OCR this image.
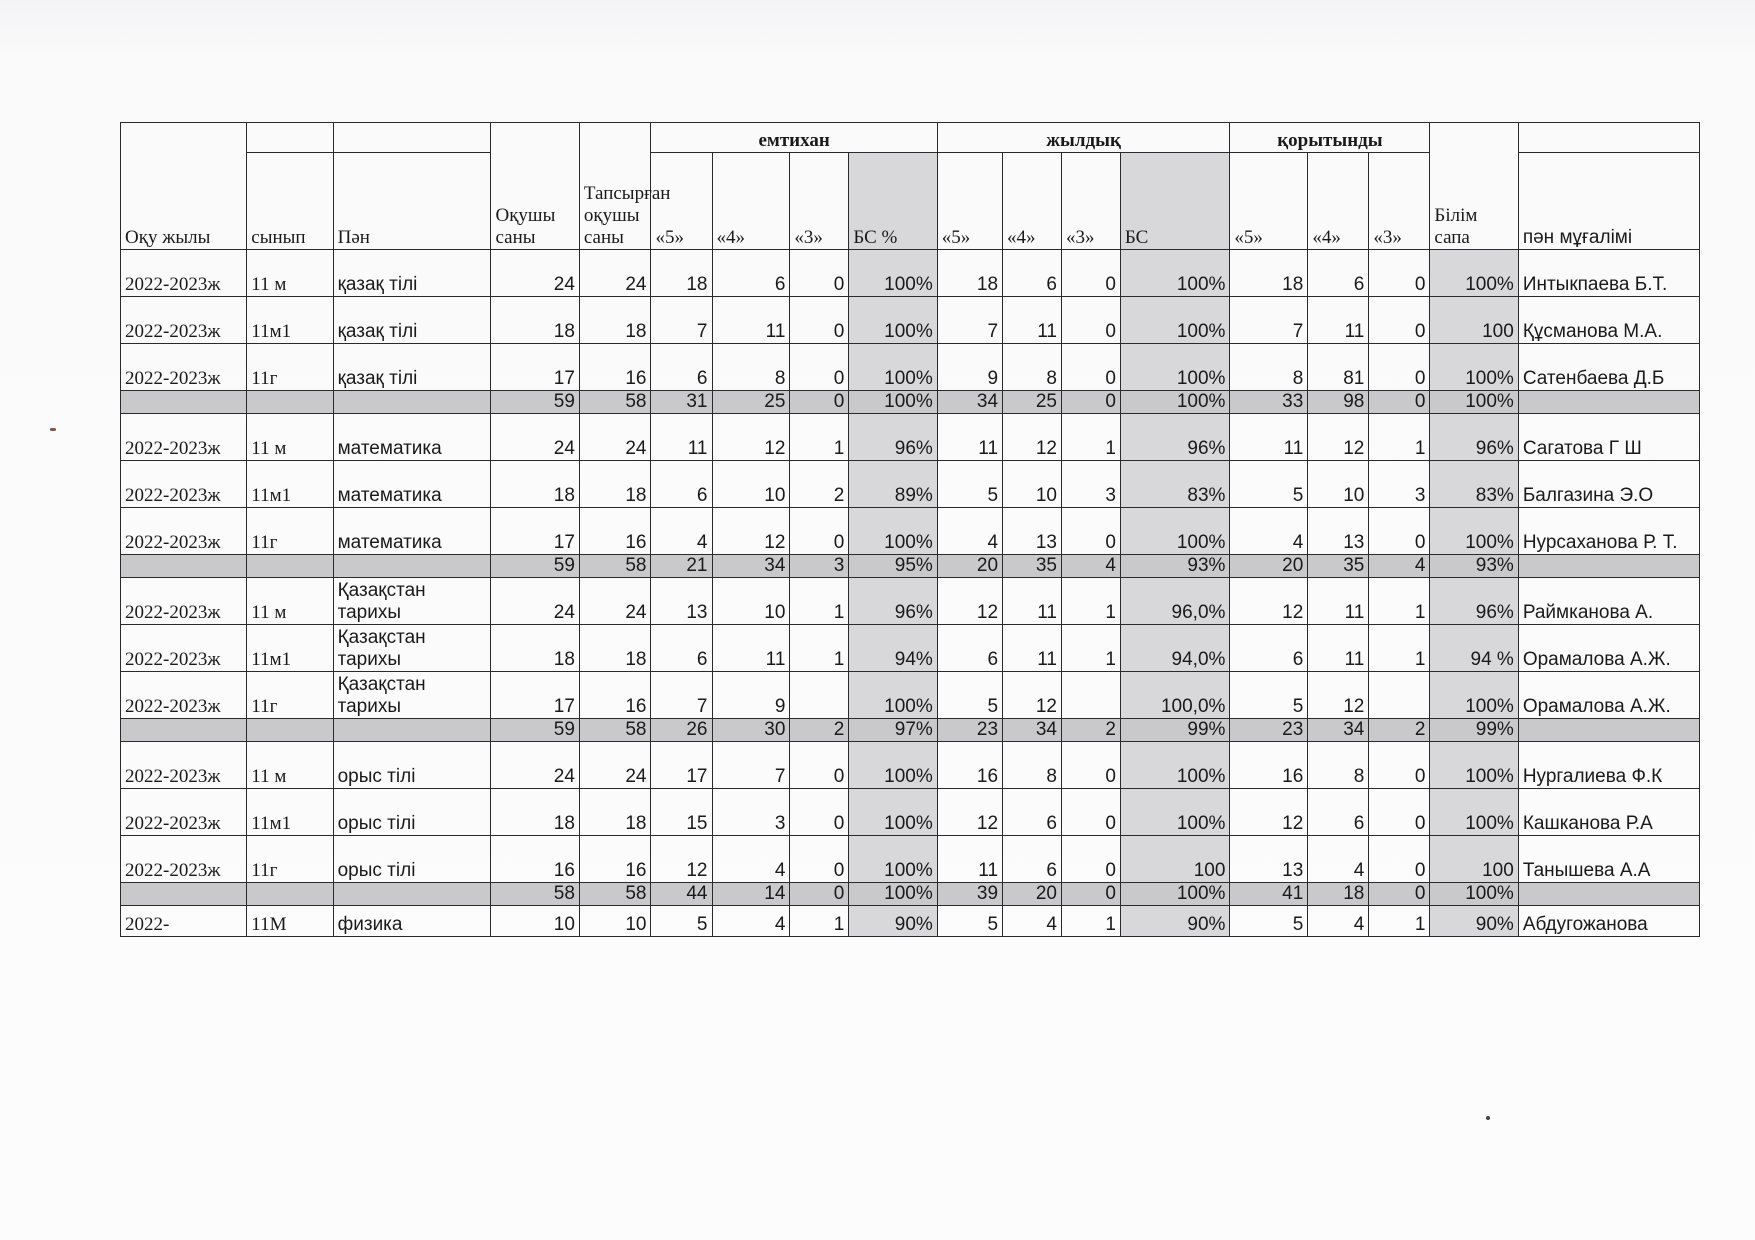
Оқу жылы			Оқушы саны	Тапсырған оқушы саны	емтихан				жылдық				қорытынды			Білім сапа	
	сынып	Пән			«5»	«4»	«3»	БС %	«5»	«4»	«3»	БС	«5»	«4»	«3»		пән мұғалімі
2022-2023ж	11 м	қазақ тілі	24	24	18	6	0	100%	18	6	0	100%	18	6	0	100%	Интыкпаева Б.Т.
2022-2023ж	11м1	қазақ тілі	18	18	7	11	0	100%	7	11	0	100%	7	11	0	100	Құсманова М.А.
2022-2023ж	11г	қазақ тілі	17	16	6	8	0	100%	9	8	0	100%	8	81	0	100%	Сатенбаева Д.Б
			59	58	31	25	0	100%	34	25	0	100%	33	98	0	100%	
2022-2023ж	11 м	математика	24	24	11	12	1	96%	11	12	1	96%	11	12	1	96%	Сагатова Г Ш
2022-2023ж	11м1	математика	18	18	6	10	2	89%	5	10	3	83%	5	10	3	83%	Балгазина Э.О
2022-2023ж	11г	математика	17	16	4	12	0	100%	4	13	0	100%	4	13	0	100%	Нурсаханова Р. Т.
			59	58	21	34	3	95%	20	35	4	93%	20	35	4	93%	
2022-2023ж	11 м	Қазақстан тарихы	24	24	13	10	1	96%	12	11	1	96,0%	12	11	1	96%	Раймканова А.
2022-2023ж	11м1	Қазақстан тарихы	18	18	6	11	1	94%	6	11	1	94,0%	6	11	1	94 %	Орамалова А.Ж.
2022-2023ж	11г	Қазақстан тарихы	17	16	7	9		100%	5	12		100,0%	5	12		100%	Орамалова А.Ж.
			59	58	26	30	2	97%	23	34	2	99%	23	34	2	99%	
2022-2023ж	11 м	орыс тілі	24	24	17	7	0	100%	16	8	0	100%	16	8	0	100%	Нургалиева Ф.К
2022-2023ж	11м1	орыс тілі	18	18	15	3	0	100%	12	6	0	100%	12	6	0	100%	Кашканова Р.А
2022-2023ж	11г	орыс тілі	16	16	12	4	0	100%	11	6	0	100	13	4	0	100	Танышева А.А
			58	58	44	14	0	100%	39	20	0	100%	41	18	0	100%	
2022-	11М	физика	10	10	5	4	1	90%	5	4	1	90%	5	4	1	90%	Абдугожанова
